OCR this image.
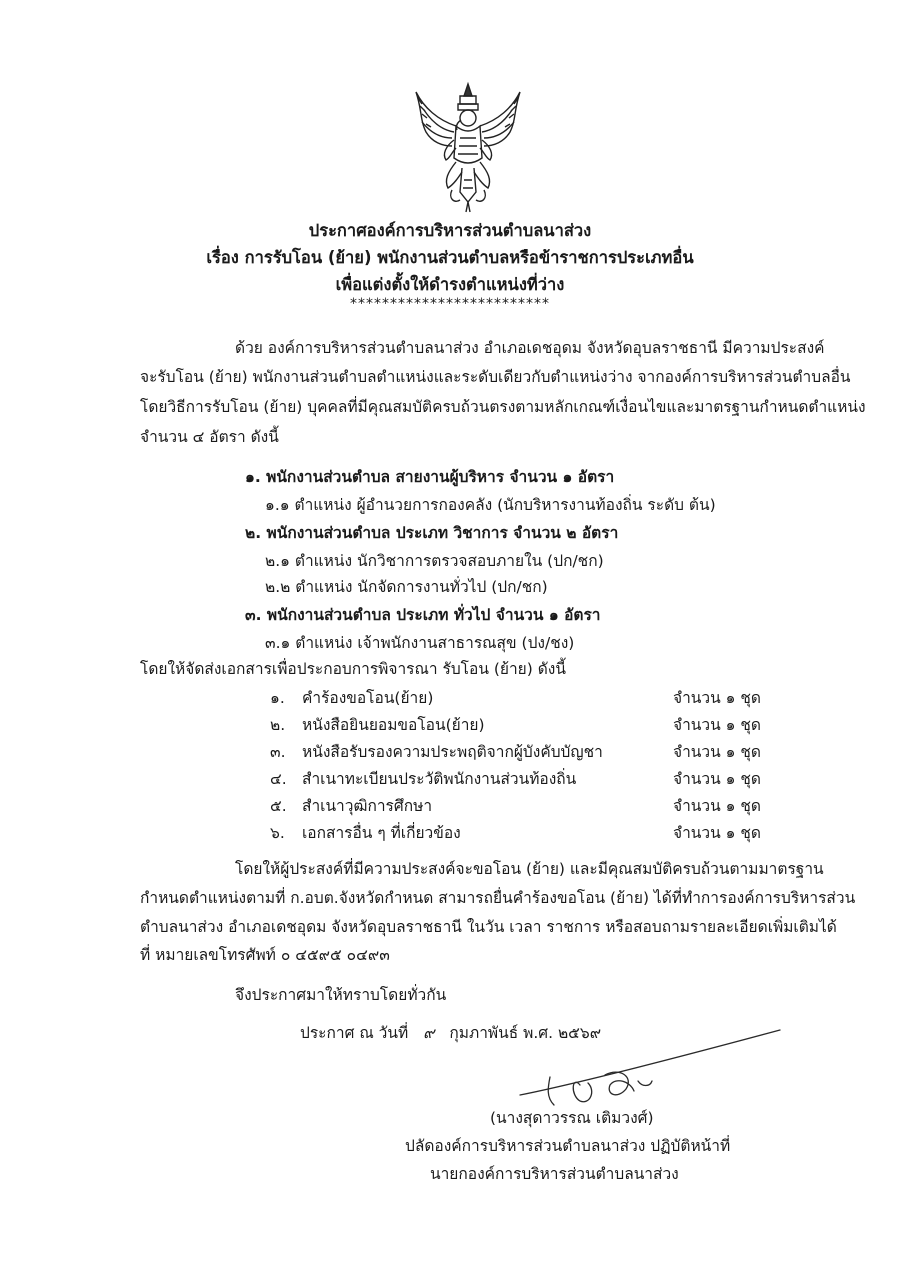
ประกาศองค์การบริหารส่วนตำบลนาส่วง
เรื่อง การรับโอน (ย้าย) พนักงานส่วนตำบลหรือข้าราชการประเภทอื่น
เพื่อแต่งตั้งให้ดำรงตำแหน่งที่ว่าง
*************************
ด้วย องค์การบริหารส่วนตำบลนาส่วง อำเภอเดชอุดม จังหวัดอุบลราชธานี มีความประสงค์
จะรับโอน (ย้าย) พนักงานส่วนตำบลตำแหน่งและระดับเดียวกับตำแหน่งว่าง จากองค์การบริหารส่วนตำบลอื่น
โดยวิธีการรับโอน (ย้าย) บุคคลที่มีคุณสมบัติครบถ้วนตรงตามหลักเกณฑ์เงื่อนไขและมาตรฐานกำหนดตำแหน่ง
จำนวน ๔ อัตรา ดังนี้
๑. พนักงานส่วนตำบล สายงานผู้บริหาร จำนวน ๑ อัตรา
๑.๑ ตำแหน่ง ผู้อำนวยการกองคลัง (นักบริหารงานท้องถิ่น ระดับ ต้น)
๒. พนักงานส่วนตำบล ประเภท วิชาการ จำนวน ๒ อัตรา
๒.๑ ตำแหน่ง นักวิชาการตรวจสอบภายใน (ปก/ชก)
๒.๒ ตำแหน่ง นักจัดการงานทั่วไป (ปก/ชก)
๓. พนักงานส่วนตำบล ประเภท ทั่วไป จำนวน ๑ อัตรา
๓.๑ ตำแหน่ง เจ้าพนักงานสาธารณสุข (ปง/ชง)
โดยให้จัดส่งเอกสารเพื่อประกอบการพิจารณา รับโอน (ย้าย) ดังนี้
๑. คำร้องขอโอน(ย้าย)	จำนวน ๑ ชุด
๒. หนังสือยินยอมขอโอน(ย้าย)	จำนวน ๑ ชุด
๓. หนังสือรับรองความประพฤติจากผู้บังคับบัญชา	จำนวน ๑ ชุด
๔. สำเนาทะเบียนประวัติพนักงานส่วนท้องถิ่น	จำนวน ๑ ชุด
๕. สำเนาวุฒิการศึกษา	จำนวน ๑ ชุด
๖. เอกสารอื่น ๆ ที่เกี่ยวข้อง	จำนวน ๑ ชุด
โดยให้ผู้ประสงค์ที่มีความประสงค์จะขอโอน (ย้าย) และมีคุณสมบัติครบถ้วนตามมาตรฐาน
กำหนดตำแหน่งตามที่ ก.อบต.จังหวัดกำหนด สามารถยื่นคำร้องขอโอน (ย้าย) ได้ที่ทำการองค์การบริหารส่วน
ตำบลนาส่วง อำเภอเดชอุดม จังหวัดอุบลราชธานี ในวัน เวลา ราชการ หรือสอบถามรายละเอียดเพิ่มเติมได้
ที่ หมายเลขโทรศัพท์ ๐ ๔๕๙๕ ๐๔๙๓
จึงประกาศมาให้ทราบโดยทั่วกัน
ประกาศ ณ วันที่ ๙ กุมภาพันธ์ พ.ศ. ๒๕๖๙
(นางสุดาวรรณ เติมวงศ์)
ปลัดองค์การบริหารส่วนตำบลนาส่วง ปฏิบัติหน้าที่
นายกองค์การบริหารส่วนตำบลนาส่วง
